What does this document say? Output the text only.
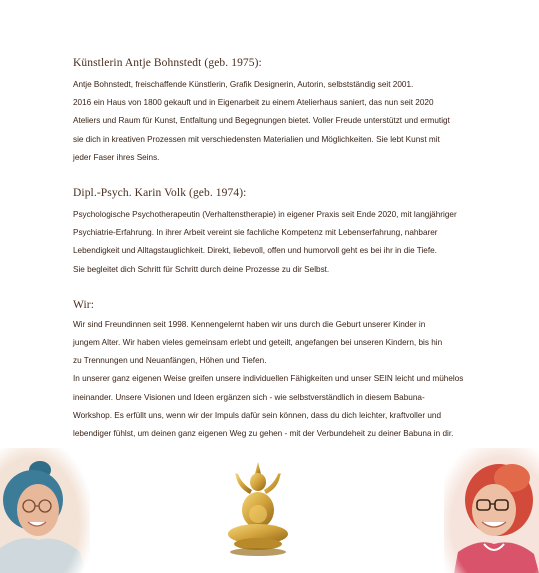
Künstlerin Antje Bohnstedt (geb. 1975):
Antje Bohnstedt, freischaffende Künstlerin, Grafik Designerin, Autorin, selbstständig seit 2001.
2016 ein Haus von 1800 gekauft und in Eigenarbeit zu einem Atelierhaus saniert, das nun seit 2020
Ateliers und Raum für Kunst, Entfaltung und Begegnungen bietet. Voller Freude unterstützt und ermutigt
sie dich in kreativen Prozessen mit verschiedensten Materialien und Möglichkeiten. Sie lebt Kunst mit
jeder Faser ihres Seins.
Dipl.-Psych. Karin Volk (geb. 1974):
Psychologische Psychotherapeutin (Verhaltenstherapie) in eigener Praxis seit Ende 2020, mit langjähriger
Psychiatrie-Erfahrung. In ihrer Arbeit vereint sie fachliche Kompetenz mit Lebenserfahrung, nahbarer
Lebendigkeit und Alltagstauglichkeit. Direkt, liebevoll, offen und humorvoll geht es bei ihr in die Tiefe.
Sie begleitet dich Schritt für Schritt durch deine Prozesse zu dir Selbst.
Wir:
Wir sind Freundinnen seit 1998. Kennengelernt haben wir uns durch die Geburt unserer Kinder in
jungem Alter. Wir haben vieles gemeinsam erlebt und geteilt, angefangen bei unseren Kindern, bis hin
zu Trennungen und Neuanfängen, Höhen und Tiefen.
In unserer ganz eigenen Weise greifen unsere individuellen Fähigkeiten und unser SEIN leicht und mühelos
ineinander. Unsere Visionen und Ideen ergänzen sich - wie selbstverständlich in diesem Babuna-
Workshop. Es erfüllt uns, wenn wir der Impuls dafür sein können, dass du dich leichter, kraftvoller und
lebendiger fühlst, um deinen ganz eigenen Weg zu gehen - mit der Verbundeheit zu deiner Babuna in dir.
